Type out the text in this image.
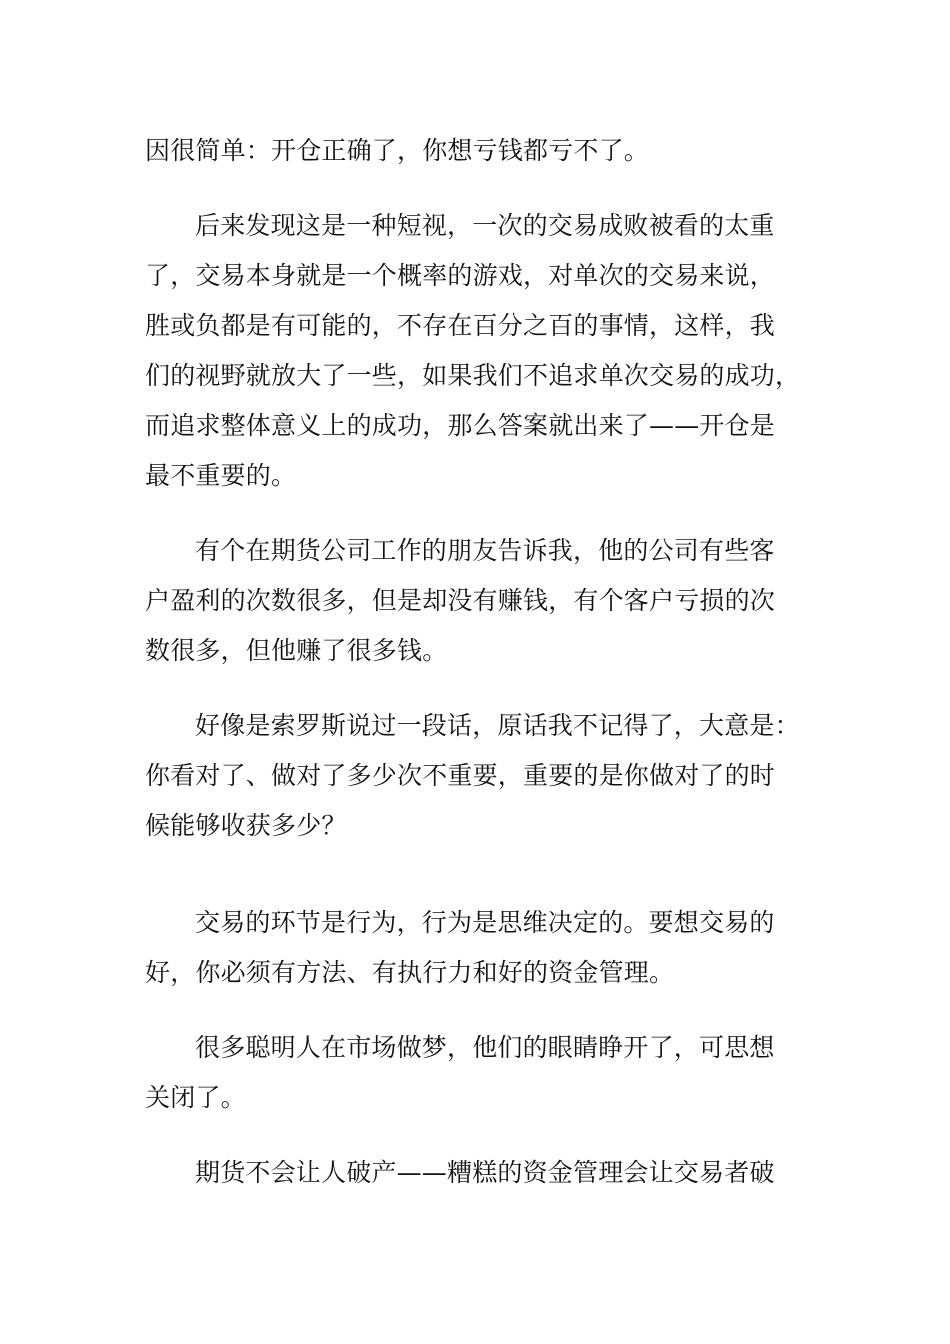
因很简单：开仓正确了，你想亏钱都亏不了。
后来发现这是一种短视，一次的交易成败被看的太重
了，交易本身就是一个概率的游戏，对单次的交易来说，
胜或负都是有可能的，不存在百分之百的事情，这样，我
们的视野就放大了一些，如果我们不追求单次交易的成功，
而追求整体意义上的成功，那么答案就出来了——开仓是
最不重要的。
有个在期货公司工作的朋友告诉我，他的公司有些客
户盈利的次数很多，但是却没有赚钱，有个客户亏损的次
数很多，但他赚了很多钱。
好像是索罗斯说过一段话，原话我不记得了，大意是：
你看对了、做对了多少次不重要，重要的是你做对了的时
候能够收获多少？
交易的环节是行为，行为是思维决定的。要想交易的
好，你必须有方法、有执行力和好的资金管理。
很多聪明人在市场做梦，他们的眼睛睁开了，可思想
关闭了。
期货不会让人破产——糟糕的资金管理会让交易者破
